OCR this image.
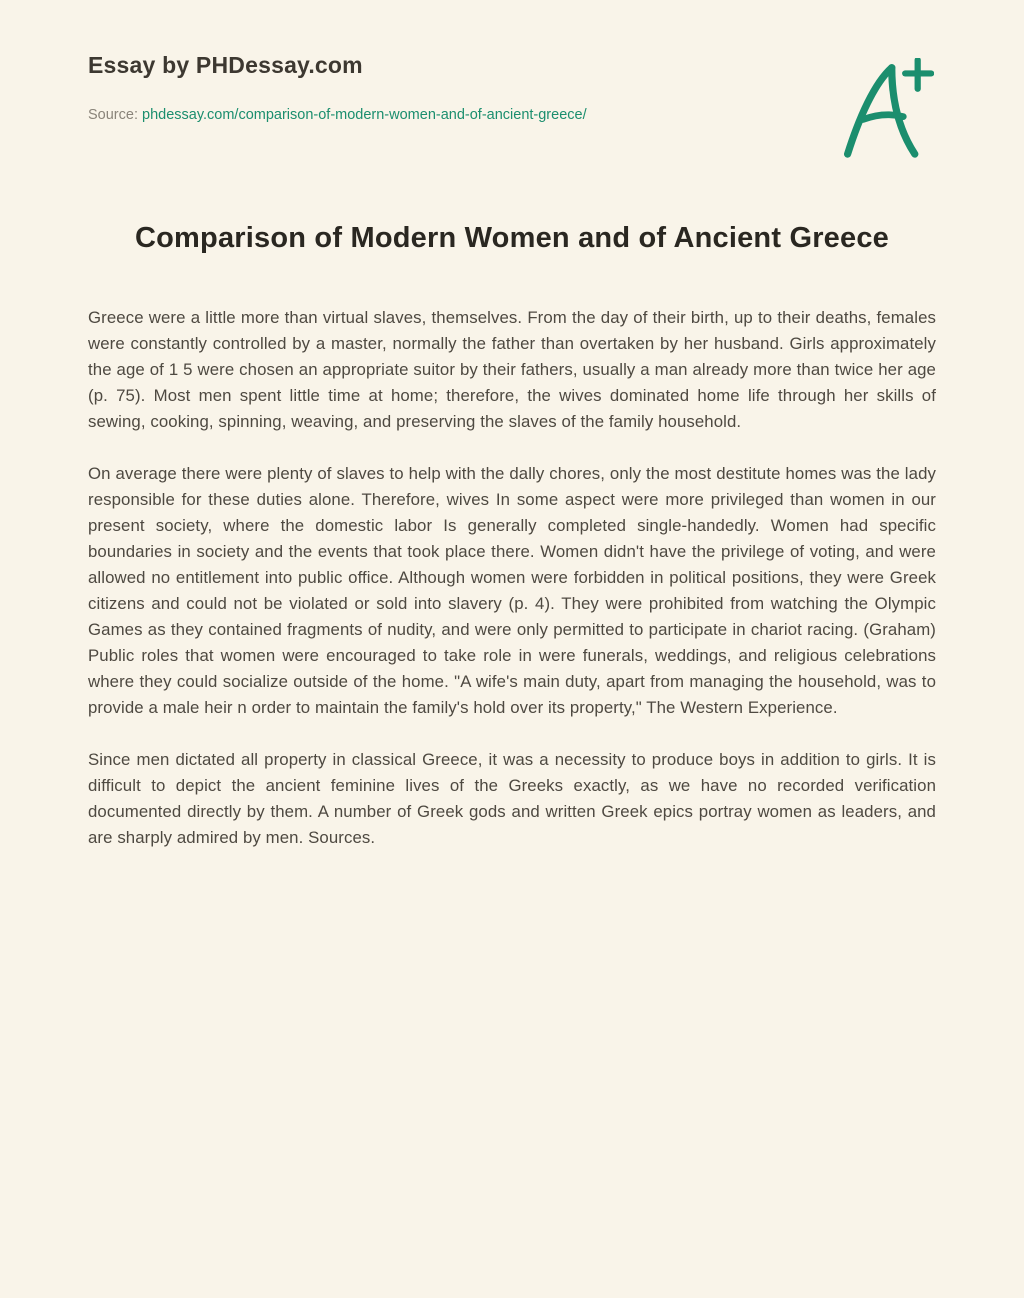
Essay by PHDessay.com
Source: phdessay.com/comparison-of-modern-women-and-of-ancient-greece/
Comparison of Modern Women and of Ancient Greece

Greece were a little more than virtual slaves, themselves. From the day of their birth, up to their deaths, females were constantly controlled by a master, normally the father than overtaken by her husband. Girls approximately the age of 1 5 were chosen an appropriate suitor by their fathers, usually a man already more than twice her age (p. 75). Most men spent little time at home; therefore, the wives dominated home life through her skills of sewing, cooking, spinning, weaving, and preserving the slaves of the family household.

On average there were plenty of slaves to help with the dally chores, only the most destitute homes was the lady responsible for these duties alone. Therefore, wives In some aspect were more privileged than women in our present society, where the domestic labor Is generally completed single-handedly. Women had specific boundaries in society and the events that took place there. Women didn't have the privilege of voting, and were allowed no entitlement into public office. Although women were forbidden in political positions, they were Greek citizens and could not be violated or sold into slavery (p. 4). They were prohibited from watching the Olympic Games as they contained fragments of nudity, and were only permitted to participate in chariot racing. (Graham) Public roles that women were encouraged to take role in were funerals, weddings, and religious celebrations where they could socialize outside of the home. "A wife's main duty, apart from managing the household, was to provide a male heir n order to maintain the family's hold over its property," The Western Experience.

Since men dictated all property in classical Greece, it was a necessity to produce boys in addition to girls. It is difficult to depict the ancient feminine lives of the Greeks exactly, as we have no recorded verification documented directly by them. A number of Greek gods and written Greek epics portray women as leaders, and are sharply admired by men. Sources.
